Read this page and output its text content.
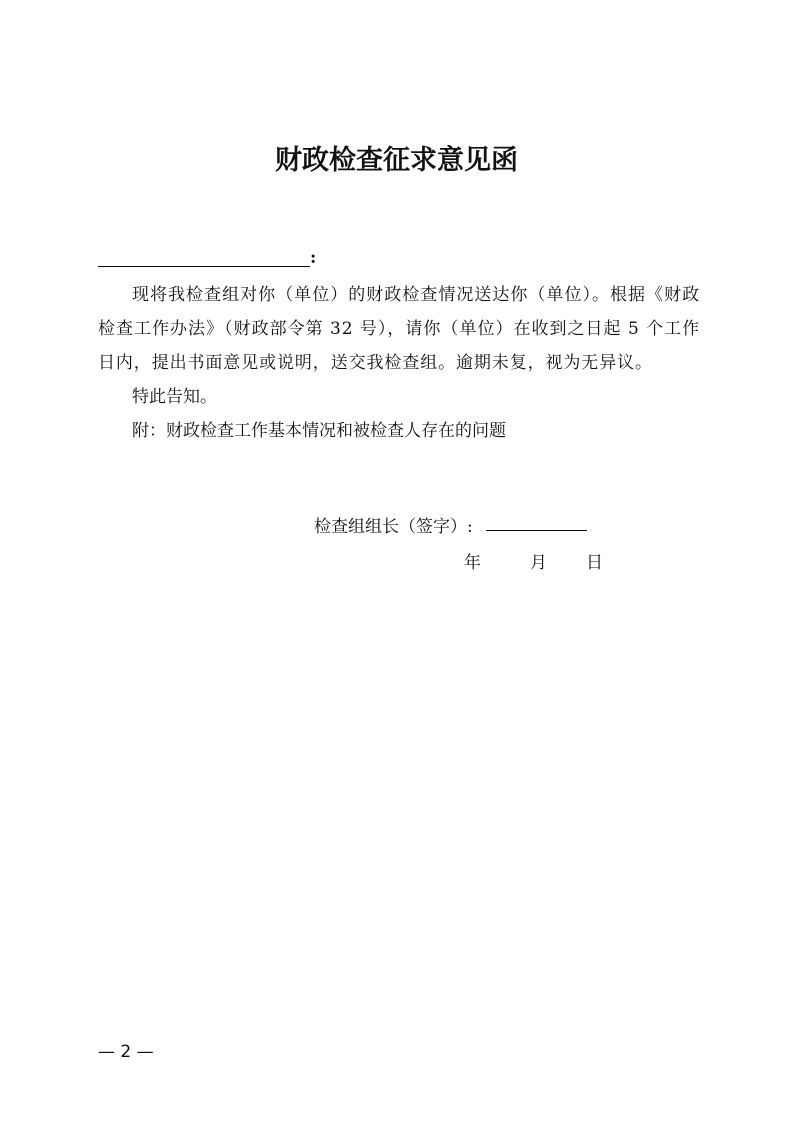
财政检查征求意见函
:

现将我检查组对你（单位）的财政检查情况送达你（单位）。根据《财政检查工作办法》（财政部令第 32 号），请你（单位）在收到之日起 5 个工作日内，提出书面意见或说明，送交我检查组。逾期未复，视为无异议。

特此告知。

附：财政检查工作基本情况和被检查人存在的问题

检查组组长（签字）:
年	月 日
— 2 —
